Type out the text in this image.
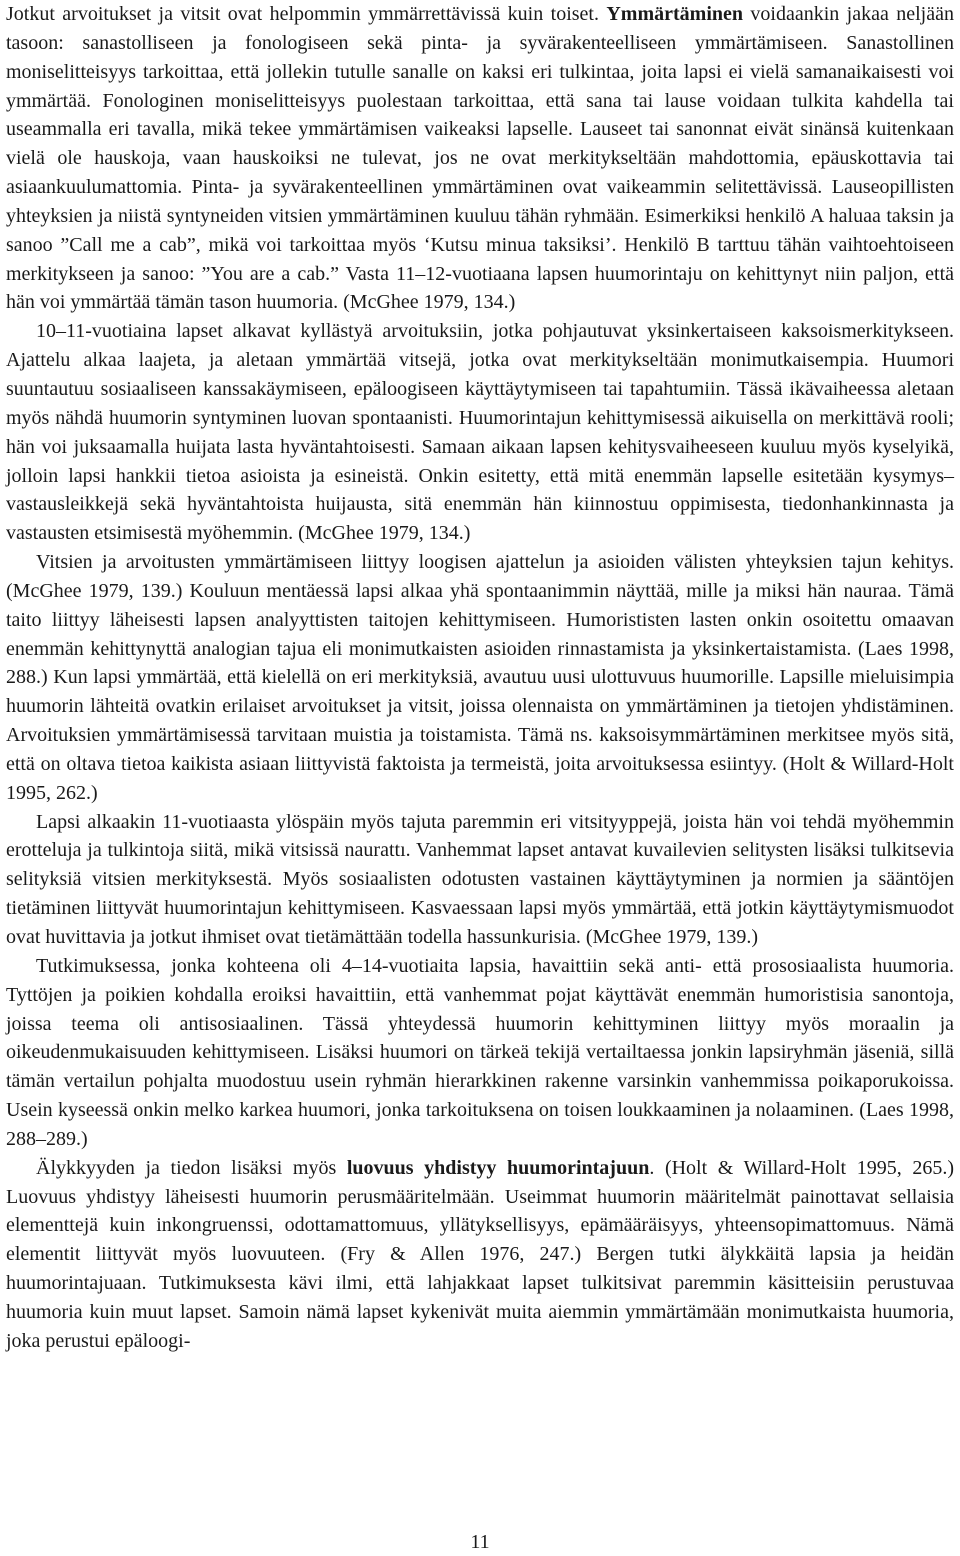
Jotkut arvoitukset ja vitsit ovat helpommin ymmärrettävissä kuin toiset. Ymmärtäminen voidaankin jakaa neljään tasoon: sanastolliseen ja fonologiseen sekä pinta- ja syvärakenteelliseen ymmärtämiseen. Sanastollinen moniselitteisyys tarkoittaa, että jollekin tutulle sanalle on kaksi eri tulkintaa, joita lapsi ei vielä samanaikaisesti voi ymmärtää. Fonologinen moniselitteisyys puolestaan tarkoittaa, että sana tai lause voidaan tulkita kahdella tai useammalla eri tavalla, mikä tekee ymmärtämisen vaikeaksi lapselle. Lauseet tai sanonnat eivät sinänsä kuitenkaan vielä ole hauskoja, vaan hauskoiksi ne tulevat, jos ne ovat merkitykseltään mahdottomia, epäuskottavia tai asiaankuulumattomia. Pinta- ja syvärakenteellinen ymmärtäminen ovat vaikeammin selitettävissä. Lauseopillisten yhteyksien ja niistä syntyneiden vitsien ymmärtäminen kuuluu tähän ryhmään. Esimerkiksi henkilö A haluaa taksin ja sanoo ”Call me a cab”, mikä voi tarkoittaa myös ‘Kutsu minua taksiksi’. Henkilö B tarttuu tähän vaihtoehtoiseen merkitykseen ja sanoo: ”You are a cab.” Vasta 11–12-vuotiaana lapsen huumorintaju on kehittynyt niin paljon, että hän voi ymmärtää tämän tason huumoria. (McGhee 1979, 134.)

10–11-vuotiaina lapset alkavat kyllästyä arvoituksiin, jotka pohjautuvat yksinkertaiseen kaksoismerkitykseen. Ajattelu alkaa laajeta, ja aletaan ymmärtää vitsejä, jotka ovat merkitykseltään monimutkaisempia. Huumori suuntautuu sosiaaliseen kanssakäymiseen, epäloogiseen käyttäytymiseen tai tapahtumiin. Tässä ikävaiheessa aletaan myös nähdä huumorin syntyminen luovan spontaanisti. Huumorintajun kehittymisessä aikuisella on merkittävä rooli; hän voi juksaamalla huijata lasta hyväntahtoisesti. Samaan aikaan lapsen kehitysvaiheeseen kuuluu myös kyselyikä, jolloin lapsi hankkii tietoa asioista ja esineistä. Onkin esitetty, että mitä enemmän lapselle esitetään kysymys–vastausleikkejä sekä hyväntahtoista huijausta, sitä enemmän hän kiinnostuu oppimisesta, tiedonhankinnasta ja vastausten etsimisestä myöhemmin. (McGhee 1979, 134.)

Vitsien ja arvoitusten ymmärtämiseen liittyy loogisen ajattelun ja asioiden välisten yhteyksien tajun kehitys. (McGhee 1979, 139.) Kouluun mentäessä lapsi alkaa yhä spontaanimmin näyttää, mille ja miksi hän nauraa. Tämä taito liittyy läheisesti lapsen analyyttisten taitojen kehittymiseen. Humorististen lasten onkin osoitettu omaavan enemmän kehittynyttä analogian tajua eli monimutkaisten asioiden rinnastamista ja yksinkertaistamista. (Laes 1998, 288.) Kun lapsi ymmärtää, että kielellä on eri merkityksiä, avautuu uusi ulottuvuus huumorille. Lapsille mieluisimpia huumorin lähteitä ovatkin erilaiset arvoitukset ja vitsit, joissa olennaista on ymmärtäminen ja tietojen yhdistäminen. Arvoituksien ymmärtämisessä tarvitaan muistia ja toistamista. Tämä ns. kaksoisymmärtäminen merkitsee myös sitä, että on oltava tietoa kaikista asiaan liittyvistä faktoista ja termeistä, joita arvoituksessa esiintyy. (Holt & Willard-Holt 1995, 262.)

Lapsi alkaakin 11-vuotiaasta ylöspäin myös tajuta paremmin eri vitsityyppejä, joista hän voi tehdä myöhemmin erotteluja ja tulkintoja siitä, mikä vitsissä naurattı. Vanhemmat lapset antavat kuvailevien selitysten lisäksi tulkitsevia selityksiä vitsien merkityksestä. Myös sosiaalisten odotusten vastainen käyttäytyminen ja normien ja sääntöjen tietäminen liittyvät huumorintajun kehittymiseen. Kasvaessaan lapsi myös ymmärtää, että jotkin käyttäytymismuodot ovat huvittavia ja jotkut ihmiset ovat tietämättään todella hassunkurisia. (McGhee 1979, 139.)

Tutkimuksessa, jonka kohteena oli 4–14-vuotiaita lapsia, havaittiin sekä anti- että prososiaalista huumoria. Tyttöjen ja poikien kohdalla eroiksi havaittiin, että vanhemmat pojat käyttävät enemmän humoristisia sanontoja, joissa teema oli antisosiaalinen. Tässä yhteydessä huumorin kehittyminen liittyy myös moraalin ja oikeudenmukaisuuden kehittymiseen. Lisäksi huumori on tärkeä tekijä vertailtaessa jonkin lapsiryhmän jäseniä, sillä tämän vertailun pohjalta muodostuu usein ryhmän hierarkkinen rakenne varsinkin vanhemmissa poikaporukoissa. Usein kyseessä onkin melko karkea huumori, jonka tarkoituksena on toisen loukkaaminen ja nolaaminen. (Laes 1998, 288–289.)

Älykkyyden ja tiedon lisäksi myös luovuus yhdistyy huumorintajuun. (Holt & Willard-Holt 1995, 265.) Luovuus yhdistyy läheisesti huumorin perusmääritelmään. Useimmat huumorin määritelmät painottavat sellaisia elementtejä kuin inkongruenssi, odottamattomuus, yllätyksellisyys, epämääräisyys, yhteensopimattomuus. Nämä elementit liittyvät myös luovuuteen. (Fry & Allen 1976, 247.) Bergen tutki älykkäitä lapsia ja heidän huumorintajuaan. Tutkimuksesta kävi ilmi, että lahjakkaat lapset tulkitsivat paremmin käsitteisiin perustuvaa huumoria kuin muut lapset. Samoin nämä lapset kykenivät muita aiemmin ymmärtämään monimutkaista huumoria, joka perustui epäloogi-

11
